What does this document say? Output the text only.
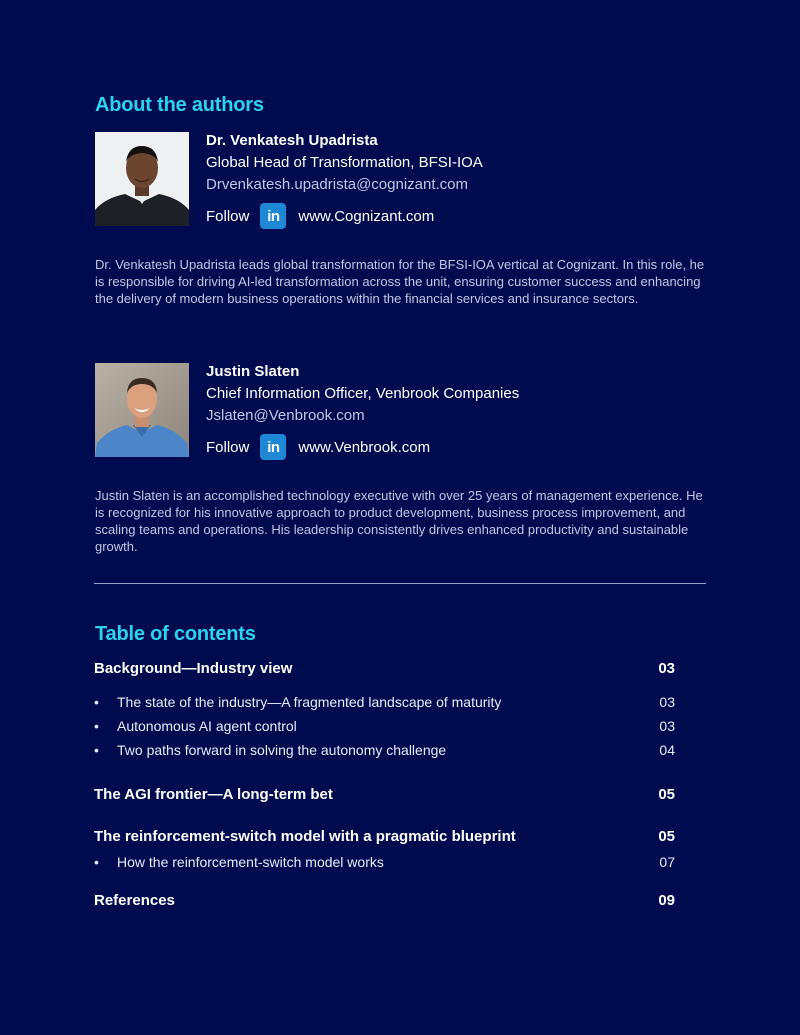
About the authors
Dr. Venkatesh Upadrista
Global Head of Transformation, BFSI-IOA
Drvenkatesh.upadrista@cognizant.com
Follow in www.Cognizant.com

Dr. Venkatesh Upadrista leads global transformation for the BFSI-IOA vertical at Cognizant. In this role, he is responsible for driving AI-led transformation across the unit, ensuring customer success and enhancing the delivery of modern business operations within the financial services and insurance sectors.

Justin Slaten
Chief Information Officer, Venbrook Companies
Jslaten@Venbrook.com
Follow in www.Venbrook.com

Justin Slaten is an accomplished technology executive with over 25 years of management experience. He is recognized for his innovative approach to product development, business process improvement, and scaling teams and operations. His leadership consistently drives enhanced productivity and sustainable growth.

Table of contents
Background—Industry view	03
• The state of the industry—A fragmented landscape of maturity	03
• Autonomous AI agent control	03
• Two paths forward in solving the autonomy challenge	04
The AGI frontier—A long-term bet	05
The reinforcement-switch model with a pragmatic blueprint	05
• How the reinforcement-switch model works	07
References	09
